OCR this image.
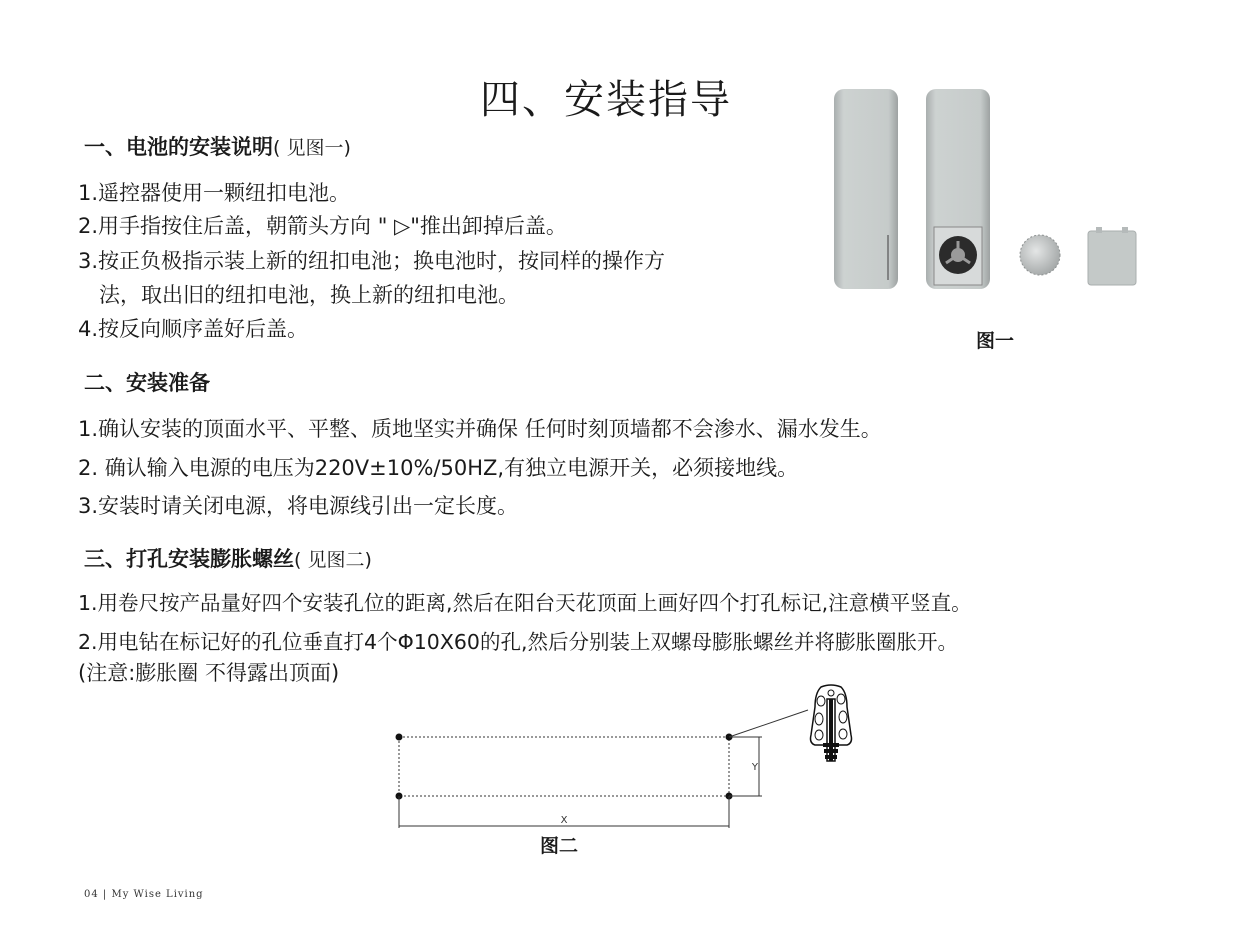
四、安装指导
一、电池的安装说明( 见图一)
1.遥控器使用一颗纽扣电池。
2.用手指按住后盖，朝箭头方向 " ▷"推出卸掉后盖。
3.按正负极指示装上新的纽扣电池；换电池时，按同样的操作方
法，取出旧的纽扣电池，换上新的纽扣电池。
4.按反向顺序盖好后盖。	图一
二、安装准备
1.确认安装的顶面水平、平整、质地坚实并确保 任何时刻顶墙都不会渗水、漏水发生。
2. 确认输入电源的电压为220V±10%/50HZ,有独立电源开关，必须接地线。
3.安装时请关闭电源，将电源线引出一定长度。
三、打孔安装膨胀螺丝( 见图二)
1.用卷尺按产品量好四个安装孔位的距离,然后在阳台天花顶面上画好四个打孔标记,注意横平竖直。
2.用电钻在标记好的孔位垂直打4个Φ10X60的孔,然后分别装上双螺母膨胀螺丝并将膨胀圈胀开。
(注意:膨胀圈 不得露出顶面)
X
Y
图二
04 | My Wise Living
